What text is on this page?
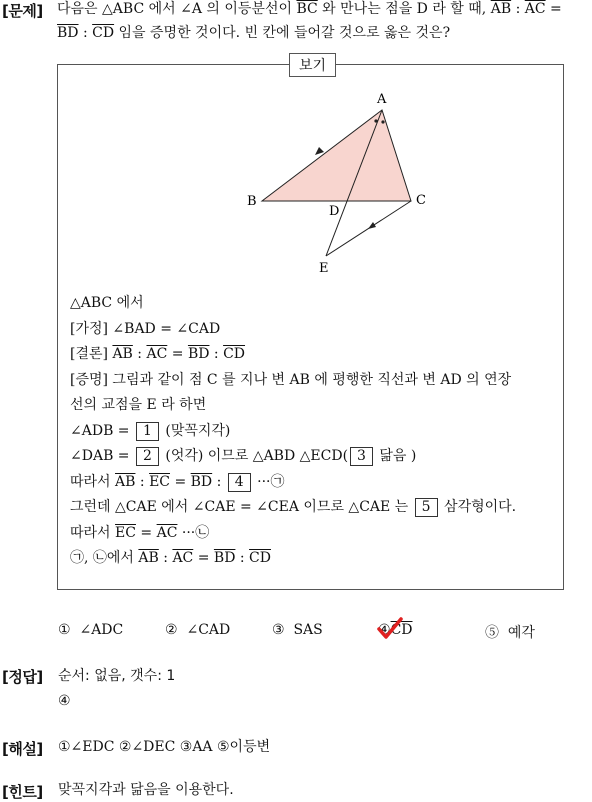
[문제] 다음은 △ABC 에서 ∠A 의 이등분선이 $\overline{BC}$ 와 만나는 점을 D 라 할 때, $\overline{AB}$ : $\overline{AC}$ =
$\overline{BD}$ : $\overline{CD}$ 임을 증명한 것이다. 빈 칸에 들어갈 것으로 옳은 것은?
보기
A
B	C
D
E
△ABC 에서
[가정] ∠BAD = ∠CAD
[결론] $\overline{AB}$ : $\overline{AC} = \overline{BD}$ : $\overline{CD}$
[증명] 그림과 같이 점 C 를 지나 변 AB 에 평행한 직선과 변 AD 의 연장
선의 교점을 E 라 하면
∠ADB = 1 (맞꼭지각)
∠DAB = 2 (엇각) 이므로 △ABD △ECD( 3 닮음 )
따라서 $\overline{AB}$ : $\overline{EC} = \overline{BD}$ : 4 ···㉠
그런데 △CAE 에서 ∠CAE = ∠CEA 이므로 △CAE 는 5 삼각형이다.
따라서 $\overline{EC} = \overline{AC}$ ···㉡
㉠, ㉡에서 $\overline{AB}$ : $\overline{AC} = \overline{BD}$ : $\overline{CD}$
① ∠ADC	② ∠CAD	③ SAS	$④\overline{CD}$	⑤ 예각
[정답] 순서: 없음, 갯수: 1
④
[해설] ①∠EDC ②∠DEC ③AA ⑤이등변
[힌트] 맞꼭지각과 닮음을 이용한다.
